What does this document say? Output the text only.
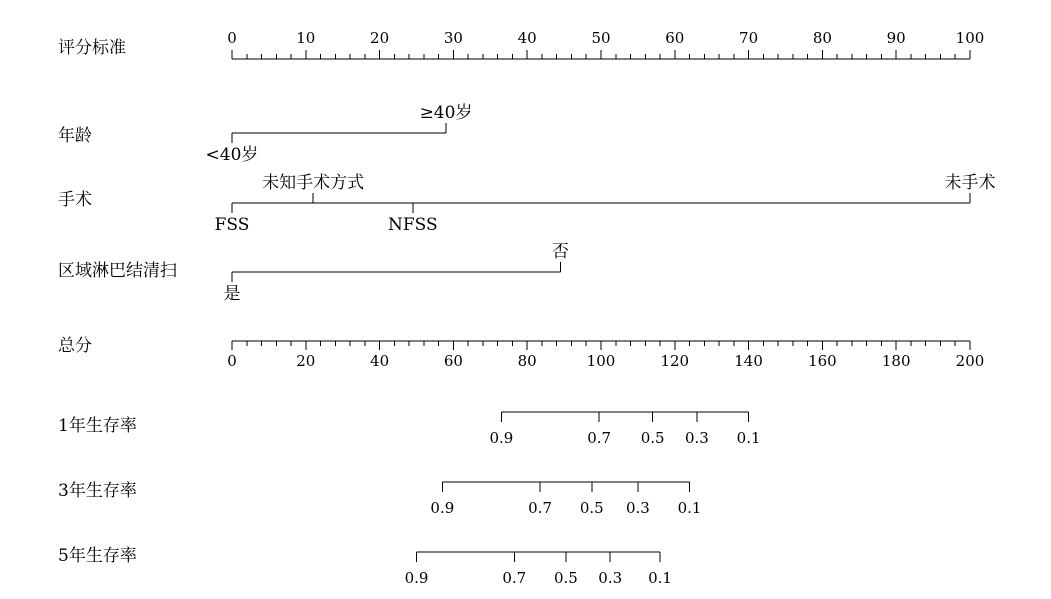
评分标准
年龄
手术
区域淋巴结清扫
总分
1年生存率
3年生存率
5年生存率
0	10	20	30	40	50	60	70	80	90	100
<40岁
≥40岁
FSS
未知手术方式
NFSS
未手术
是
否
0	20	40	60	80	100	120	140	160	180	200
0.9	0.7 0.5 0.3 0.1
0.9	0.7 0.5 0.3 0.1
0.9	0.7 0.5 0.3 0.1
